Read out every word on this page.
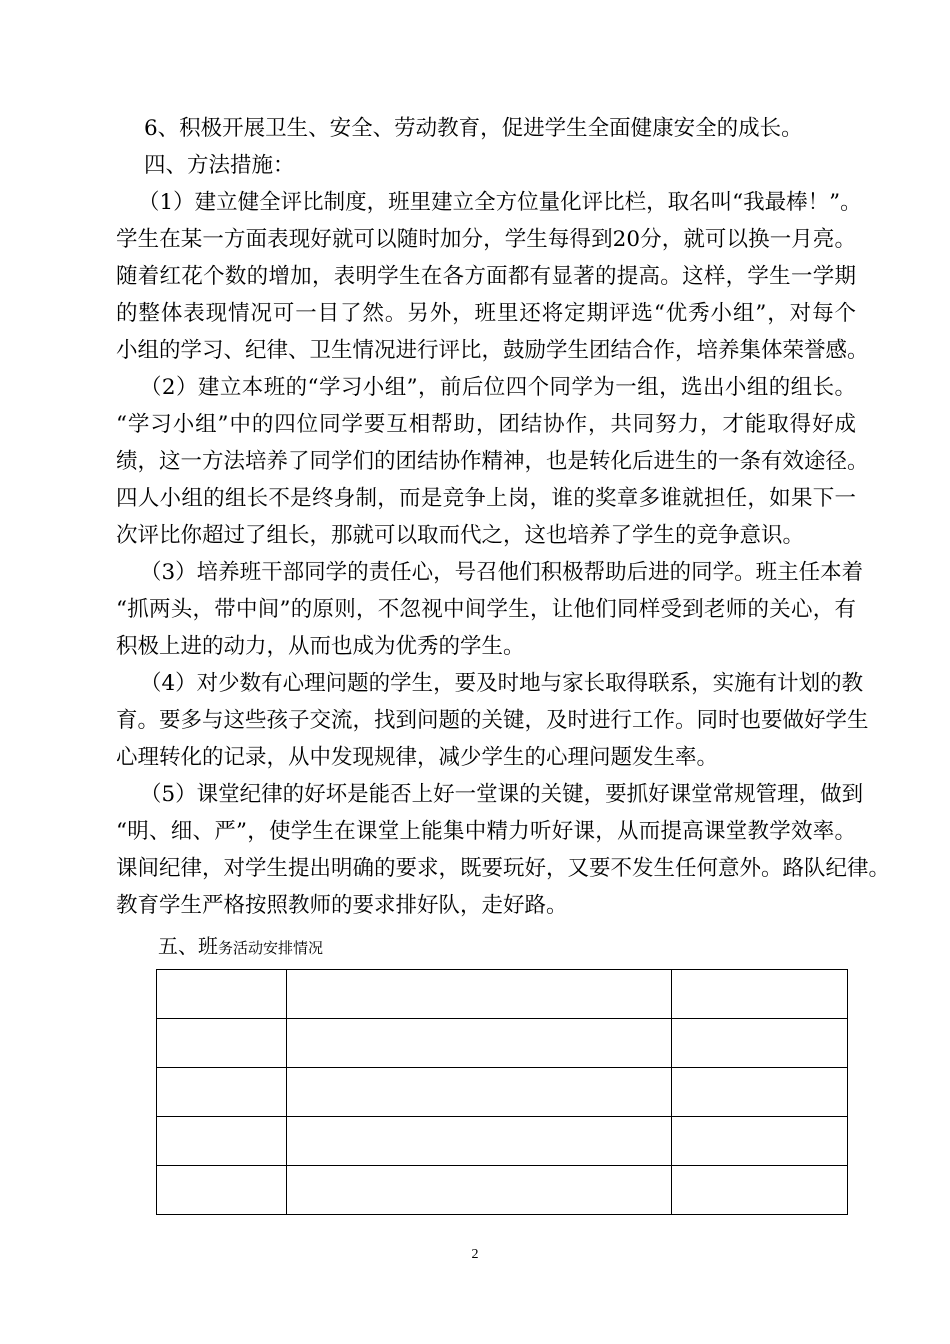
6、积极开展卫生、安全、劳动教育，促进学生全面健康安全的成长。
四、方法措施：
（1）建立健全评比制度，班里建立全方位量化评比栏，取名叫“我最棒！”。
学生在某一方面表现好就可以随时加分，学生每得到20分，就可以换一月亮。
随着红花个数的增加，表明学生在各方面都有显著的提高。这样，学生一学期
的整体表现情况可一目了然。另外，班里还将定期评选“优秀小组”，对每个
小组的学习、纪律、卫生情况进行评比，鼓励学生团结合作，培养集体荣誉感。
（2）建立本班的“学习小组”，前后位四个同学为一组，选出小组的组长。
“学习小组”中的四位同学要互相帮助，团结协作，共同努力，才能取得好成
绩，这一方法培养了同学们的团结协作精神，也是转化后进生的一条有效途径。
四人小组的组长不是终身制，而是竞争上岗，谁的奖章多谁就担任，如果下一
次评比你超过了组长，那就可以取而代之，这也培养了学生的竞争意识。
（3）培养班干部同学的责任心，号召他们积极帮助后进的同学。班主任本着
“抓两头，带中间”的原则，不忽视中间学生，让他们同样受到老师的关心，有
积极上进的动力，从而也成为优秀的学生。
（4）对少数有心理问题的学生，要及时地与家长取得联系，实施有计划的教
育。要多与这些孩子交流，找到问题的关键，及时进行工作。同时也要做好学生
心理转化的记录，从中发现规律，减少学生的心理问题发生率。
（5）课堂纪律的好坏是能否上好一堂课的关键，要抓好课堂常规管理，做到
“明、细、严”，使学生在课堂上能集中精力听好课，从而提高课堂教学效率。
课间纪律，对学生提出明确的要求，既要玩好，又要不发生任何意外。路队纪律。
教育学生严格按照教师的要求排好队，走好路。
五、班务活动安排情况

2
